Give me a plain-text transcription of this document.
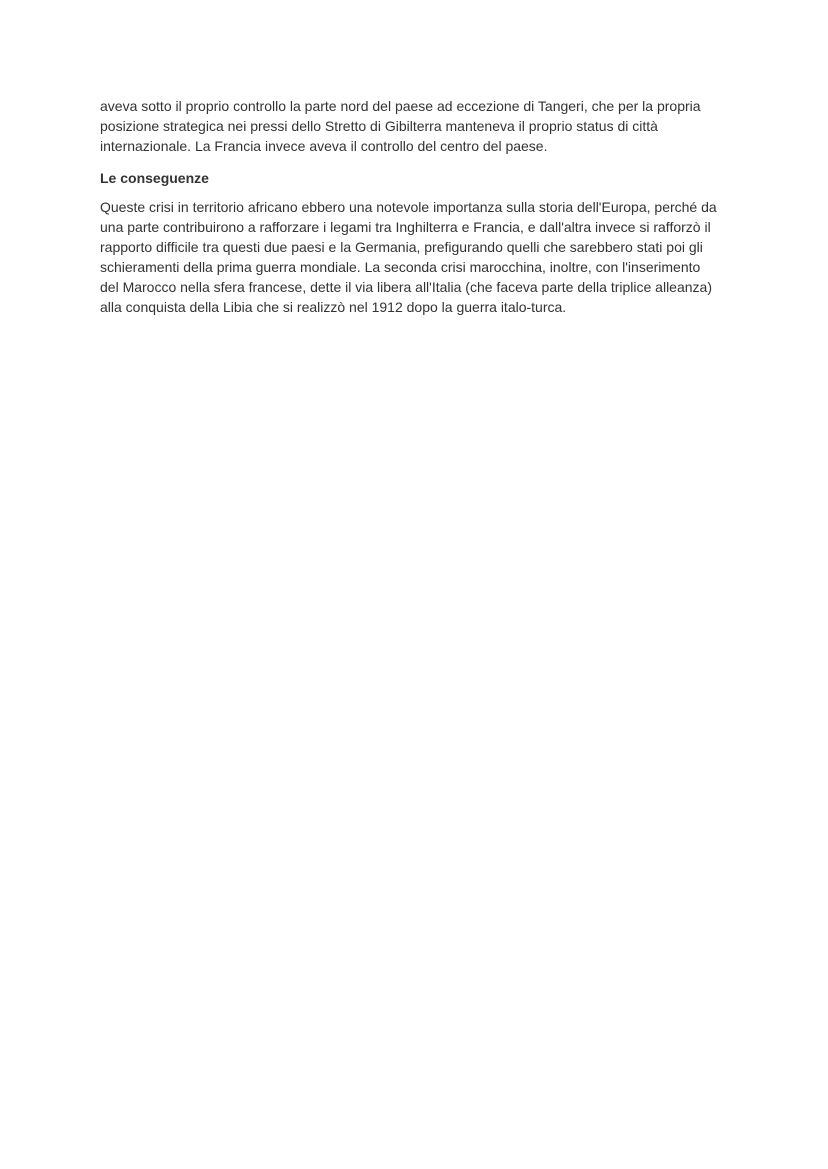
aveva sotto il proprio controllo la parte nord del paese ad eccezione di Tangeri, che per la propria posizione strategica nei pressi dello Stretto di Gibilterra manteneva il proprio status di città internazionale. La Francia invece aveva il controllo del centro del paese.

Le conseguenze

Queste crisi in territorio africano ebbero una notevole importanza sulla storia dell'Europa, perché da una parte contribuirono a rafforzare i legami tra Inghilterra e Francia, e dall'altra invece si rafforzò il rapporto difficile tra questi due paesi e la Germania, prefigurando quelli che sarebbero stati poi gli schieramenti della prima guerra mondiale. La seconda crisi marocchina, inoltre, con l'inserimento del Marocco nella sfera francese, dette il via libera all'Italia (che faceva parte della triplice alleanza) alla conquista della Libia che si realizzò nel 1912 dopo la guerra italo-turca.
